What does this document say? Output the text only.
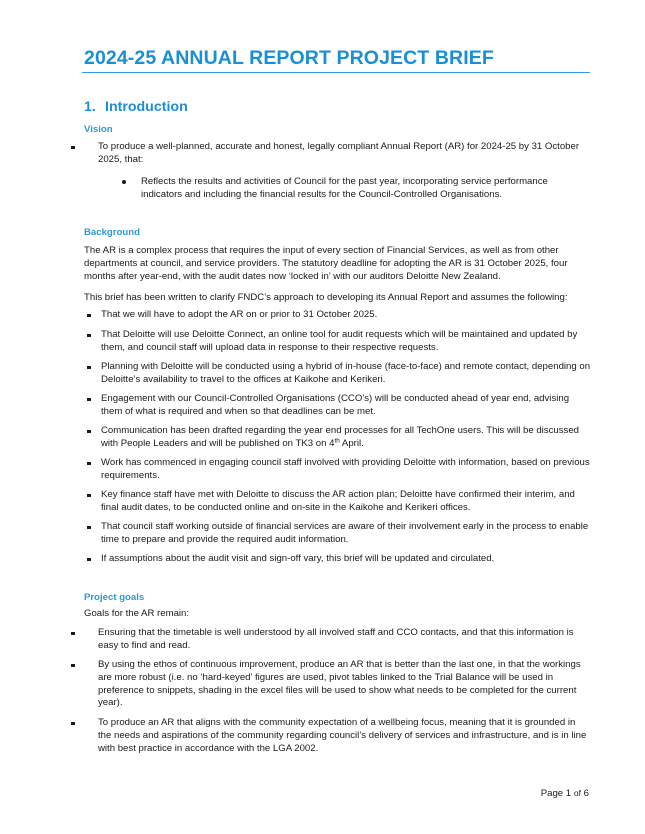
2024-25 ANNUAL REPORT PROJECT BRIEF
1. Introduction
Vision
To produce a well-planned, accurate and honest, legally compliant Annual Report (AR) for 2024-25 by 31 October 2025, that:
Reflects the results and activities of Council for the past year, incorporating service performance indicators and including the financial results for the Council-Controlled Organisations.
Background

The AR is a complex process that requires the input of every section of Financial Services, as well as from other departments at council, and service providers. The statutory deadline for adopting the AR is 31 October 2025, four months after year-end, with the audit dates now ‘locked in’ with our auditors Deloitte New Zealand.

This brief has been written to clarify FNDC’s approach to developing its Annual Report and assumes the following:

That we will have to adopt the AR on or prior to 31 October 2025.
That Deloitte will use Deloitte Connect, an online tool for audit requests which will be maintained and updated by them, and council staff will upload data in response to their respective requests.
Planning with Deloitte will be conducted using a hybrid of in-house (face-to-face) and remote contact, depending on Deloitte’s availability to travel to the offices at Kaikohe and Kerikeri.
Engagement with our Council-Controlled Organisations (CCO’s) will be conducted ahead of year end, advising them of what is required and when so that deadlines can be met.
Communication has been drafted regarding the year end processes for all TechOne users. This will be discussed with People Leaders and will be published on TK3 on 4th April.
Work has commenced in engaging council staff involved with providing Deloitte with information, based on previous requirements.
Key finance staff have met with Deloitte to discuss the AR action plan; Deloitte have confirmed their interim, and final audit dates, to be conducted online and on-site in the Kaikohe and Kerikeri offices.
That council staff working outside of financial services are aware of their involvement early in the process to enable time to prepare and provide the required audit information.
If assumptions about the audit visit and sign-off vary, this brief will be updated and circulated.
Project goals

Goals for the AR remain:

Ensuring that the timetable is well understood by all involved staff and CCO contacts, and that this information is easy to find and read.
By using the ethos of continuous improvement, produce an AR that is better than the last one, in that the workings are more robust (i.e. no ‘hard-keyed’ figures are used, pivot tables linked to the Trial Balance will be used in preference to snippets, shading in the excel files will be used to show what needs to be completed for the current year).
To produce an AR that aligns with the community expectation of a wellbeing focus, meaning that it is grounded in the needs and aspirations of the community regarding council’s delivery of services and infrastructure, and is in line with best practice in accordance with the LGA 2002.
Page 1 of 6
